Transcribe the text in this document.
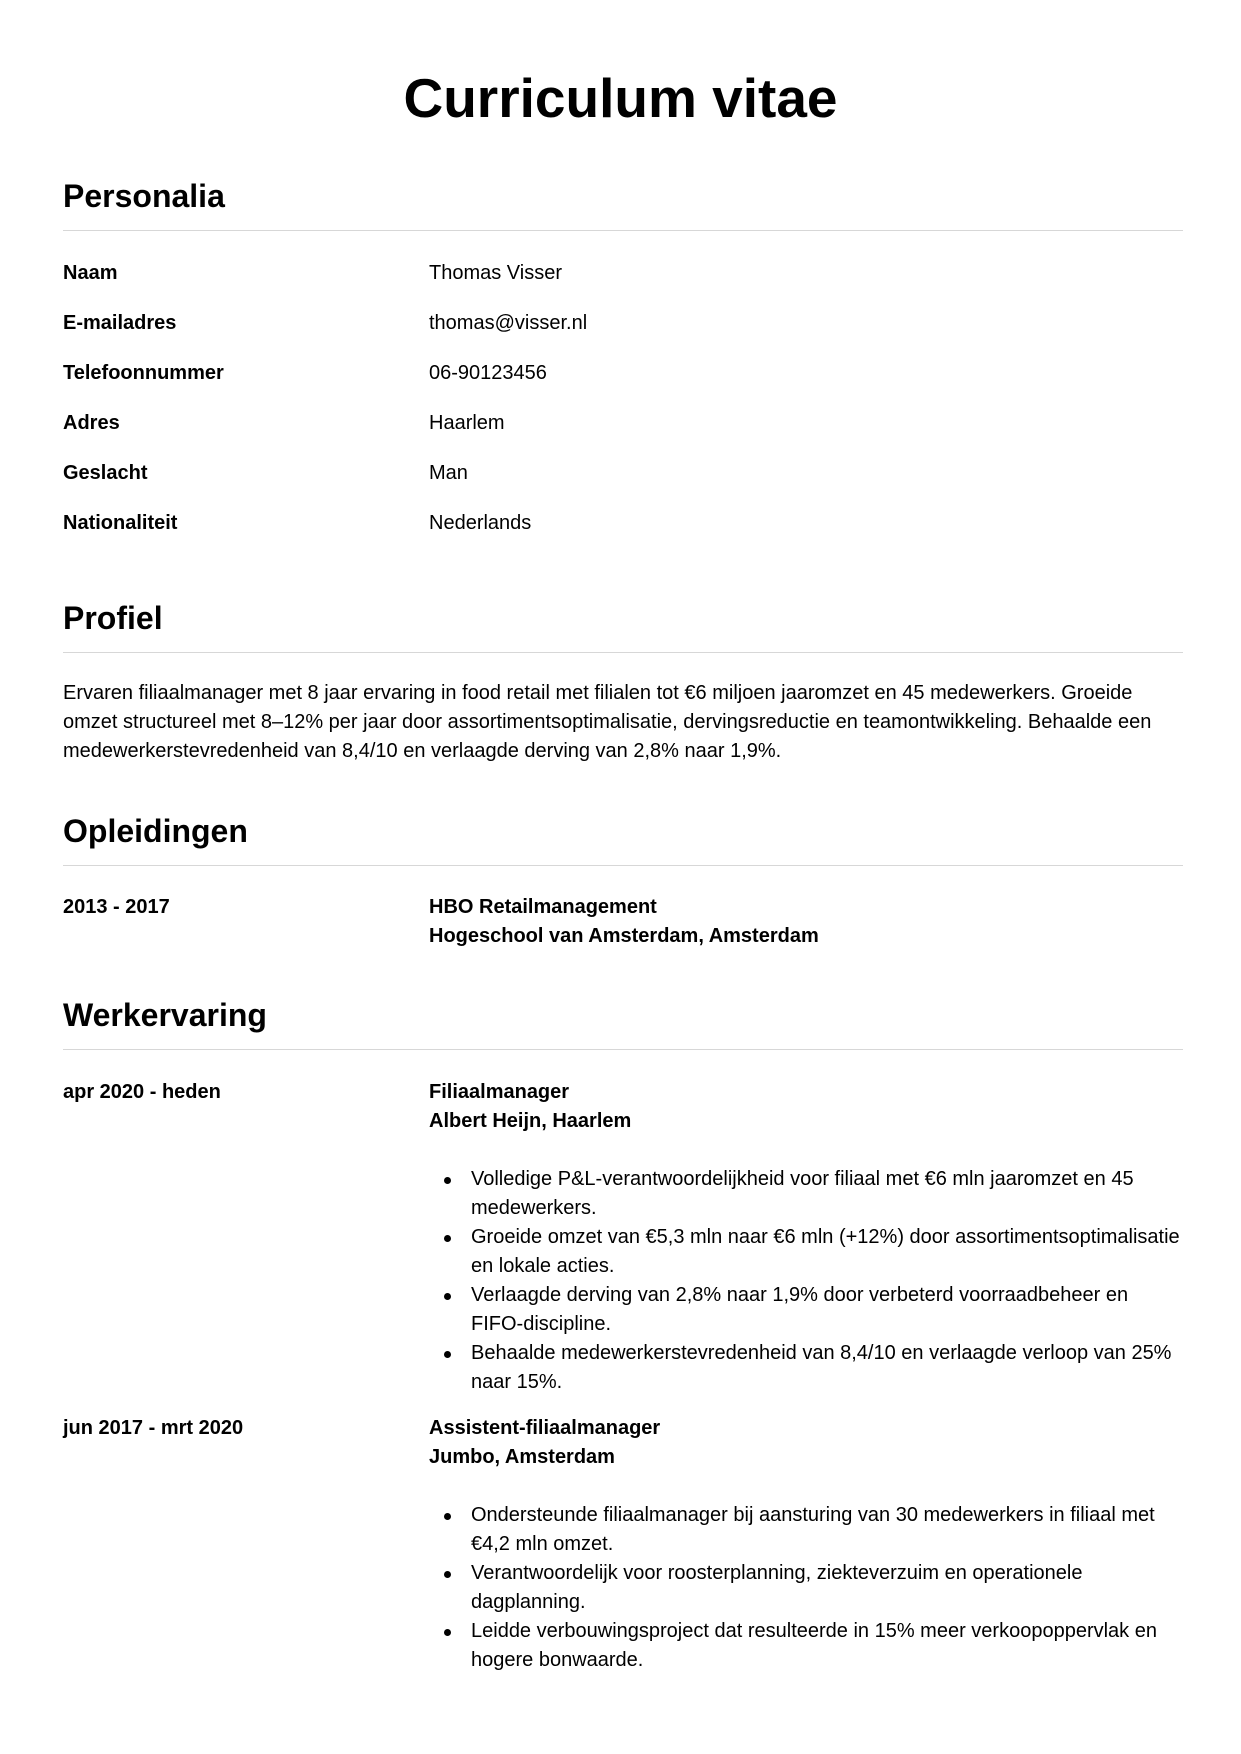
Curriculum vitae
Personalia
Naam	Thomas Visser
E-mailadres	thomas@visser.nl
Telefoonnummer	06-90123456
Adres	Haarlem
Geslacht	Man
Nationaliteit	Nederlands
Profiel

Ervaren filiaalmanager met 8 jaar ervaring in food retail met filialen tot €6 miljoen jaaromzet en 45 medewerkers. Groeide omzet structureel met 8–12% per jaar door assortimentsoptimalisatie, dervingsreductie en teamontwikkeling. Behaalde een medewerkerstevredenheid van 8,4/10 en verlaagde derving van 2,8% naar 1,9%.

Opleidingen
2013 - 2017	HBO Retailmanagement
Hogeschool van Amsterdam, Amsterdam
Werkervaring
apr 2020 - heden	Filiaalmanager
Albert Heijn, Haarlem
Volledige P&L-verantwoordelijkheid voor filiaal met €6 mln jaaromzet en 45 medewerkers.
Groeide omzet van €5,3 mln naar €6 mln (+12%) door assortimentsoptimalisatie en lokale acties.
Verlaagde derving van 2,8% naar 1,9% door verbeterd voorraadbeheer en FIFO-discipline.
Behaalde medewerkerstevredenheid van 8,4/10 en verlaagde verloop van 25% naar 15%.
jun 2017 - mrt 2020	Assistent-filiaalmanager
Jumbo, Amsterdam
Ondersteunde filiaalmanager bij aansturing van 30 medewerkers in filiaal met €4,2 mln omzet.
Verantwoordelijk voor roosterplanning, ziekteverzuim en operationele dagplanning.
Leidde verbouwingsproject dat resulteerde in 15% meer verkoopoppervlak en hogere bonwaarde.
